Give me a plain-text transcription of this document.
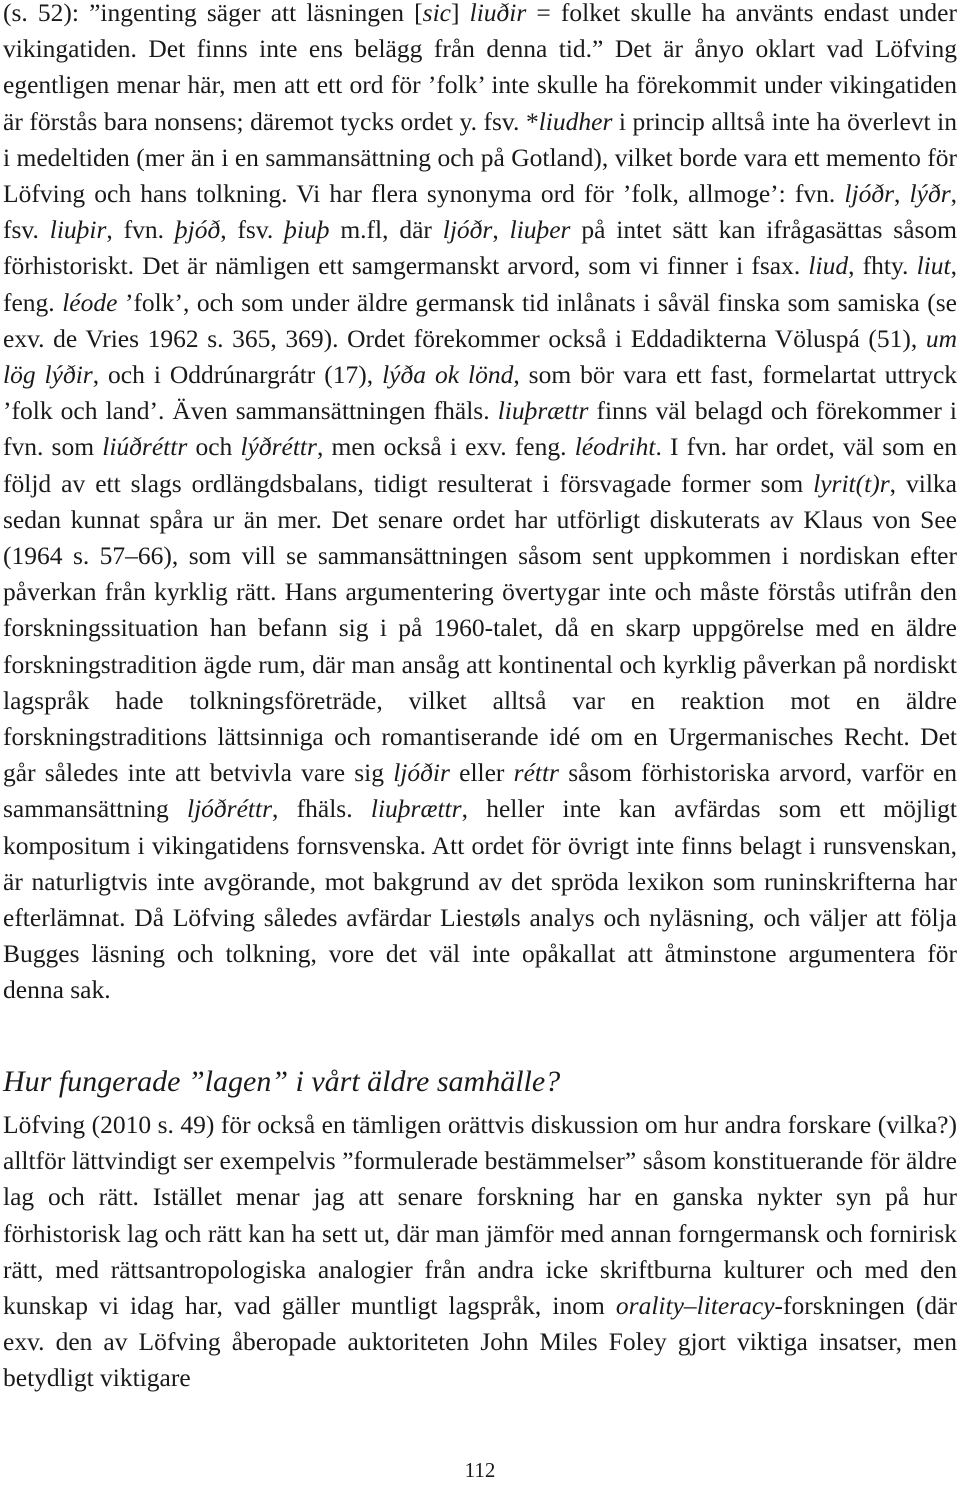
(s. 52): ”ingenting säger att läsningen [sic] liuðir = folket skulle ha använts endast under vikingatiden. Det finns inte ens belägg från denna tid.” Det är ånyo oklart vad Löfving egentligen menar här, men att ett ord för ’folk’ inte skulle ha förekommit under vikingatiden är förstås bara nonsens; däremot tycks ordet y. fsv. *liudher i princip alltså inte ha överlevt in i medeltiden (mer än i en sammansättning och på Gotland), vilket borde vara ett memento för Löfving och hans tolkning. Vi har flera synonyma ord för ’folk, allmoge’: fvn. ljóðr, lýðr, fsv. liuþir, fvn. þjóð, fsv. þiuþ m.fl, där ljóðr, liuþer på intet sätt kan ifrågasättas såsom förhistoriskt. Det är nämligen ett samgermanskt arvord, som vi finner i fsax. liud, fhty. liut, feng. léode ’folk’, och som under äldre germansk tid inlånats i såväl finska som samiska (se exv. de Vries 1962 s. 365, 369). Ordet förekommer också i Eddadikterna Völuspá (51), um lög lýðir, och i Oddrúnargrátr (17), lýða ok lönd, som bör vara ett fast, formelartat uttryck ’folk och land’. Även sammansättningen fhäls. liuþrættr finns väl belagd och förekommer i fvn. som liúðréttr och lýðréttr, men också i exv. feng. léodriht. I fvn. har ordet, väl som en följd av ett slags ordlängdsbalans, tidigt resulterat i försvagade former som lyrit(t)r, vilka sedan kunnat spåra ur än mer. Det senare ordet har utförligt diskuterats av Klaus von See (1964 s. 57–66), som vill se sammansättningen såsom sent uppkommen i nordiskan efter påverkan från kyrklig rätt. Hans argumentering övertygar inte och måste förstås utifrån den forskningssituation han befann sig i på 1960-talet, då en skarp uppgörelse med en äldre forskningstradition ägde rum, där man ansåg att kontinental och kyrklig påverkan på nordiskt lagspråk hade tolkningsföreträde, vilket alltså var en reaktion mot en äldre forskningstraditions lättsinniga och romantiserande idé om en Urgermanisches Recht. Det går således inte att betvivla vare sig ljóðir eller réttr såsom förhistoriska arvord, varför en sammansättning ljóðréttr, fhäls. liuþrættr, heller inte kan avfärdas som ett möjligt kompositum i vikingatidens fornsvenska. Att ordet för övrigt inte finns belagt i runsvenskan, är naturligtvis inte avgörande, mot bakgrund av det spröda lexikon som runinskrifterna har efterlämnat. Då Löfving således avfärdar Liestøls analys och nyläsning, och väljer att följa Bugges läsning och tolkning, vore det väl inte opåkallat att åtminstone argumentera för denna sak.

Hur fungerade ”lagen” i vårt äldre samhälle?

Löfving (2010 s. 49) för också en tämligen orättvis diskussion om hur andra forskare (vilka?) alltför lättvindigt ser exempelvis ”formulerade bestämmelser” såsom konstituerande för äldre lag och rätt. Istället menar jag att senare forskning har en ganska nykter syn på hur förhistorisk lag och rätt kan ha sett ut, där man jämför med annan forngermansk och fornirisk rätt, med rättsantropologiska analogier från andra icke skriftburna kulturer och med den kunskap vi idag har, vad gäller muntligt lagspråk, inom orality–literacy-forskningen (där exv. den av Löfving åberopade auktoriteten John Miles Foley gjort viktiga insatser, men betydligt viktigare

112
